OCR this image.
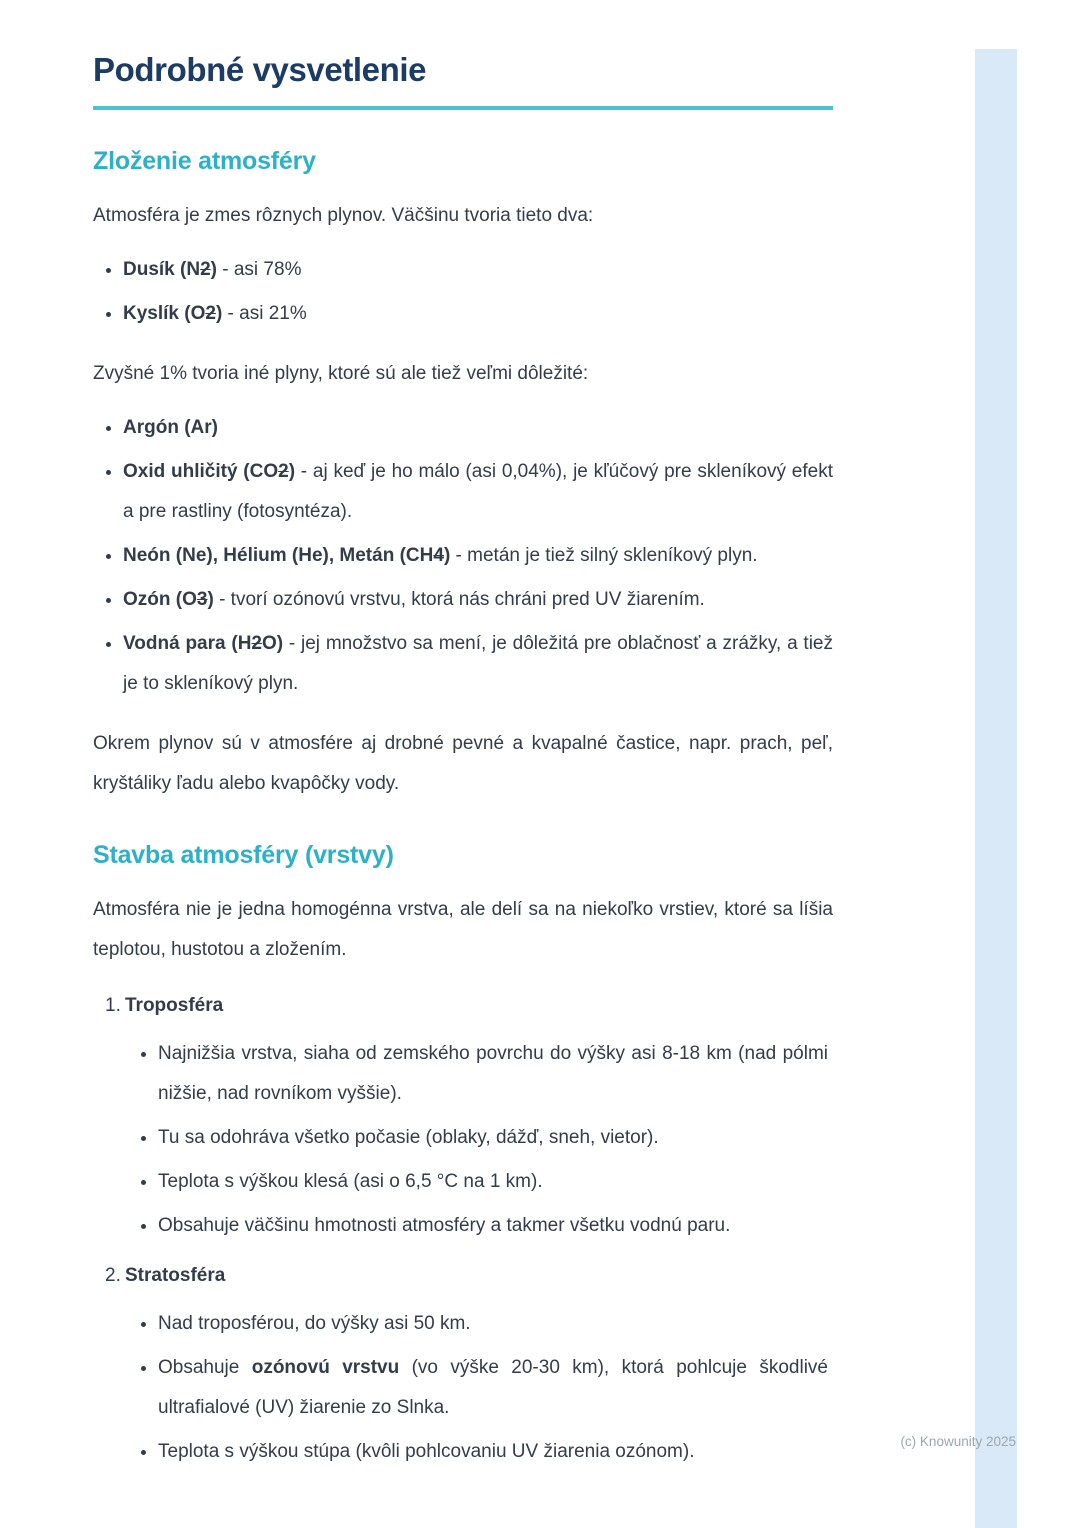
Podrobné vysvetlenie
Zloženie atmosféry

Atmosféra je zmes rôznych plynov. Väčšinu tvoria tieto dva:

• Dusík (N2) - asi 78%
• Kyslík (O2) - asi 21%

Zvyšné 1% tvoria iné plyny, ktoré sú ale tiež veľmi dôležité:

• Argón (Ar)
• Oxid uhličitý (CO2) - aj keď je ho málo (asi 0,04%), je kľúčový pre skleníkový efekt a pre rastliny (fotosyntéza).
• Neón (Ne), Hélium (He), Metán (CH4) - metán je tiež silný skleníkový plyn.
• Ozón (O3) - tvorí ozónovú vrstvu, ktorá nás chráni pred UV žiarením.
• Vodná para (H2O) - jej množstvo sa mení, je dôležitá pre oblačnosť a zrážky, a tiež je to skleníkový plyn.

Okrem plynov sú v atmosfére aj drobné pevné a kvapalné častice, napr. prach, peľ, kryštáliky ľadu alebo kvapôčky vody.

Stavba atmosféry (vrstvy)

Atmosféra nie je jedna homogénna vrstva, ale delí sa na niekoľko vrstiev, ktoré sa líšia teplotou, hustotou a zložením.

1. Troposféra
• Najnižšia vrstva, siaha od zemského povrchu do výšky asi 8-18 km (nad pólmi nižšie, nad rovníkom vyššie).
• Tu sa odohráva všetko počasie (oblaky, dážď, sneh, vietor).
• Teplota s výškou klesá (asi o 6,5 °C na 1 km).
• Obsahuje väčšinu hmotnosti atmosféry a takmer všetku vodnú paru.
2. Stratosféra
• Nad troposférou, do výšky asi 50 km.
• Obsahuje ozónovú vrstvu (vo výške 20-30 km), ktorá pohlcuje škodlivé ultrafialové (UV) žiarenie zo Slnka.
• Teplota s výškou stúpa (kvôli pohlcovaniu UV žiarenia ozónom).	(c) Knowunity 2025
